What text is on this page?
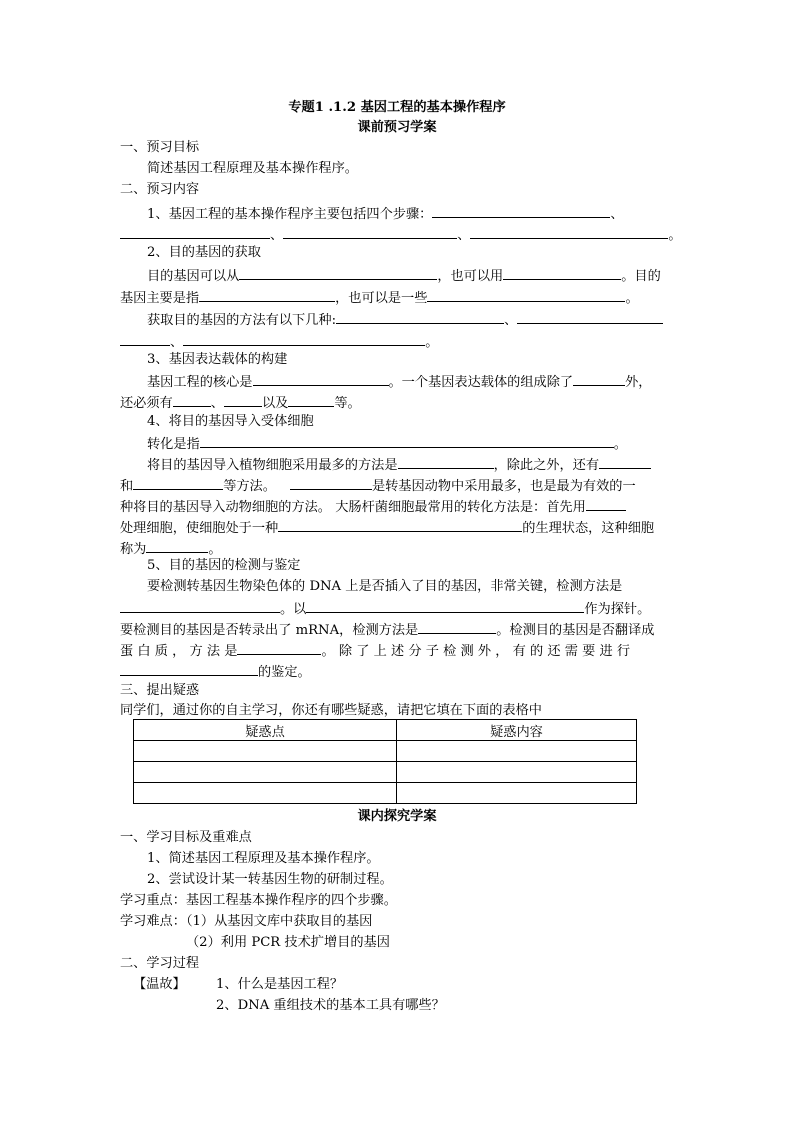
专题1 .1.2 基因工程的基本操作程序
课前预习学案
一、预习目标
简述基因工程原理及基本操作程序。
二、预习内容
1、基因工程的基本操作程序主要包括四个步骤：	、
、	、	。
2、目的基因的获取
目的基因可以从	，也可以用	。目的
基因主要是指	，也可以是一些	。
获取目的基因的方法有以下几种:	、
、	。
3、基因表达载体的构建
基因工程的核心是	。一个基因表达载体的组成除了	外，
还必须有	、	以及	等。
4、将目的基因导入受体细胞
转化是指	。
将目的基因导入植物细胞采用最多的方法是	，除此之外，还有
和	等方法。	是转基因动物中采用最多，也是最为有效的一
种将目的基因导入动物细胞的方法。 大肠杆菌细胞最常用的转化方法是：首先用
处理细胞，使细胞处于一种	的生理状态，这种细胞
称为	。
5、目的基因的检测与鉴定
要检测转基因生物染色体的 DNA 上是否插入了目的基因，非常关键，检测方法是
。以	作为探针。
要检测目的基因是否转录出了 mRNA，检测方法是	。检测目的基因是否翻译成
蛋 白 质 ， 方 法 是	。 除 了 上 述 分 子 检 测 外 ， 有 的 还 需 要 进 行
的鉴定。
三、提出疑惑
同学们，通过你的自主学习，你还有哪些疑惑，请把它填在下面的表格中
疑惑点	疑惑内容

课内探究学案
一、学习目标及重难点
1、简述基因工程原理及基本操作程序。
2、尝试设计某一转基因生物的研制过程。
学习重点：基因工程基本操作程序的四个步骤。
学习难点：（1）从基因文库中获取目的基因
（2）利用 PCR 技术扩增目的基因
二、学习过程
【温故】 1、什么是基因工程？
2、DNA 重组技术的基本工具有哪些？
